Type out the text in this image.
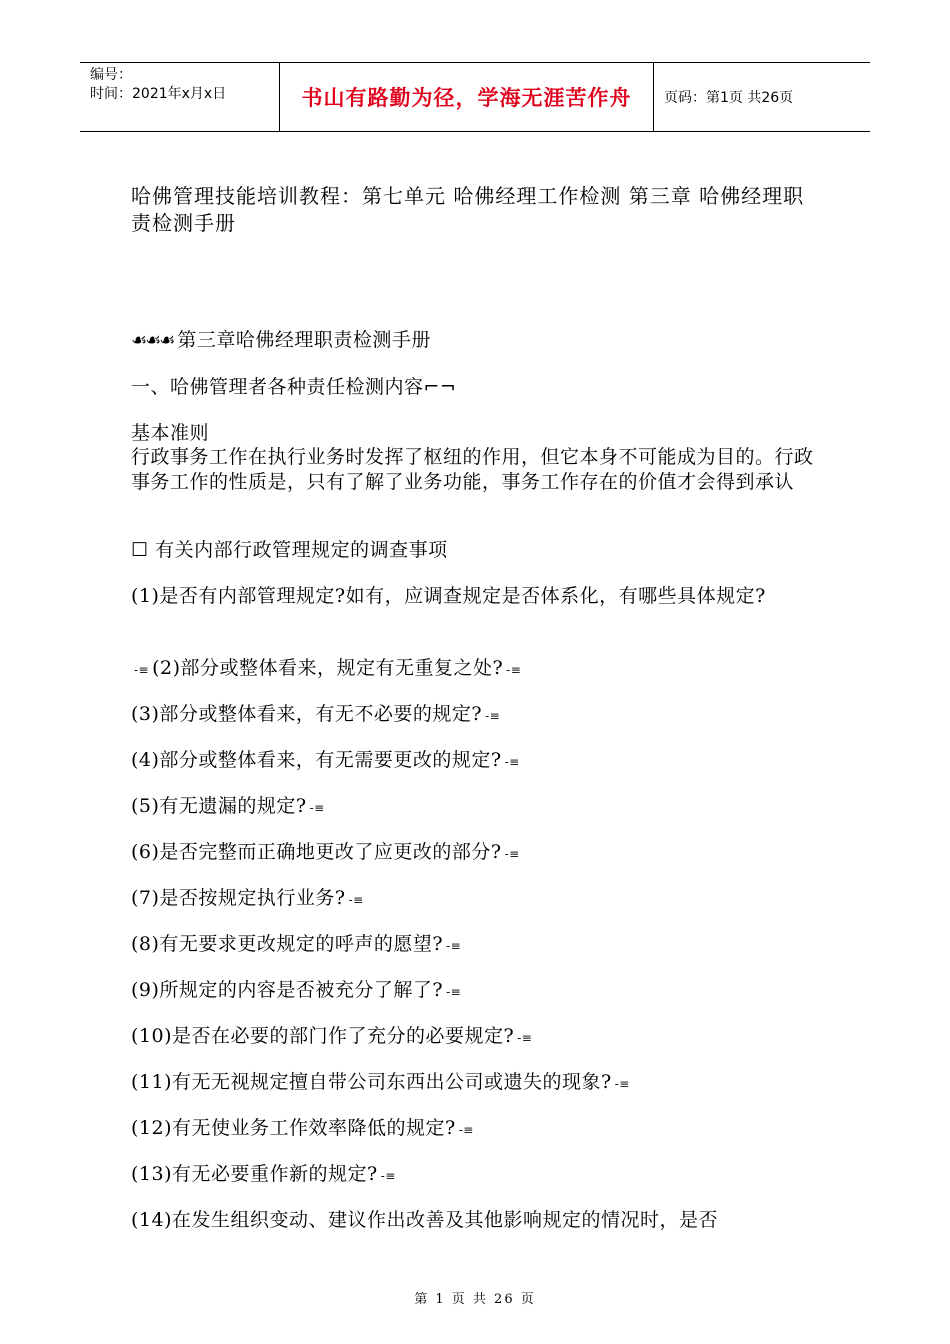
编号：
时间：2021年x月x日	书山有路勤为径，学海无涯苦作舟	页码：第1页 共26页
哈佛管理技能培训教程：第七单元 哈佛经理工作检测 第三章 哈佛经理职责检测手册
☙☙☙ 第三章哈佛经理职责检测手册
一、哈佛管理者各种责任检测内容⌐¬
基本准则
行政事务工作在执行业务时发挥了枢纽的作用，但它本身不可能成为目的。行政事务工作的性质是，只有了解了业务功能，事务工作存在的价值才会得到承认
☐ 有关内部行政管理规定的调查事项
(1)是否有内部管理规定?如有，应调查规定是否体系化，有哪些具体规定?
-≡ (2)部分或整体看来，规定有无重复之处? -≡
(3)部分或整体看来，有无不必要的规定? -≡
(4)部分或整体看来，有无需要更改的规定? -≡
(5)有无遗漏的规定? -≡
(6)是否完整而正确地更改了应更改的部分? -≡
(7)是否按规定执行业务? -≡
(8)有无要求更改规定的呼声的愿望? -≡
(9)所规定的内容是否被充分了解了? -≡
(10)是否在必要的部门作了充分的必要规定? -≡
(11)有无无视规定擅自带公司东西出公司或遗失的现象? -≡
(12)有无使业务工作效率降低的规定? -≡
(13)有无必要重作新的规定? -≡
(14)在发生组织变动、建议作出改善及其他影响规定的情况时，是否
第 1 页 共 26 页
